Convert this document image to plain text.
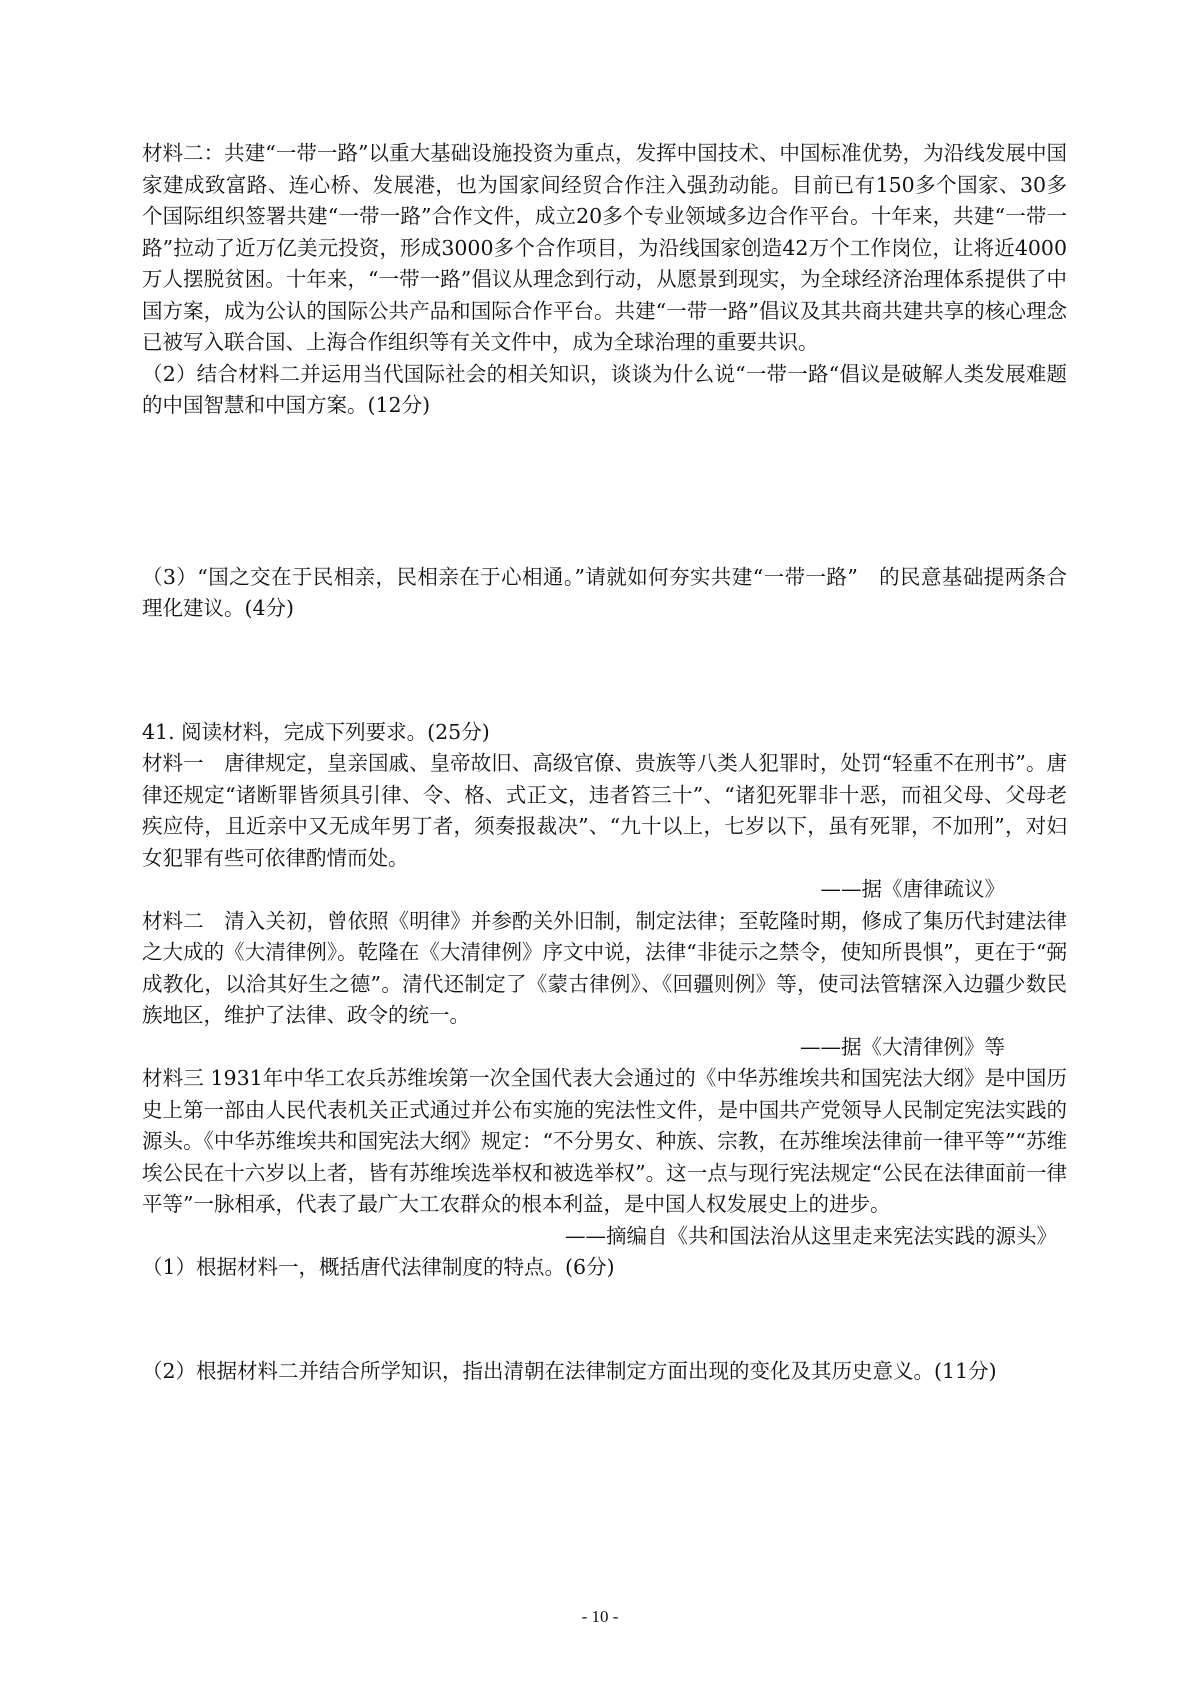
材料二：共建“一带一路”以重大基础设施投资为重点，发挥中国技术、中国标准优势，为沿线发展中国家建成致富路、连心桥、发展港，也为国家间经贸合作注入强劲动能。目前已有150多个国家、30多个国际组织签署共建“一带一路”合作文件，成立20多个专业领域多边合作平台。十年来，共建“一带一路”拉动了近万亿美元投资，形成3000多个合作项目，为沿线国家创造42万个工作岗位，让将近4000万人摆脱贫困。十年来，“一带一路”倡议从理念到行动，从愿景到现实，为全球经济治理体系提供了中国方案，成为公认的国际公共产品和国际合作平台。共建“一带一路”倡议及其共商共建共享的核心理念已被写入联合国、上海合作组织等有关文件中，成为全球治理的重要共识。

（2）结合材料二并运用当代国际社会的相关知识，谈谈为什么说“一带一路“倡议是破解人类发展难题的中国智慧和中国方案。(12分)

（3）“国之交在于民相亲，民相亲在于心相通。”请就如何夯实共建“一带一路”　的民意基础提两条合理化建议。(4分)

41. 阅读材料，完成下列要求。(25分)

材料一　唐律规定，皇亲国戚、皇帝故旧、高级官僚、贵族等八类人犯罪时，处罚“轻重不在刑书”。唐律还规定“诸断罪皆须具引律、令、格、式正文，违者笞三十”、“诸犯死罪非十恶，而祖父母、父母老疾应侍，且近亲中又无成年男丁者，须奏报裁决”、“九十以上，七岁以下，虽有死罪，不加刑”，对妇女犯罪有些可依律酌情而处。

——据《唐律疏议》

材料二　清入关初，曾依照《明律》并参酌关外旧制，制定法律；至乾隆时期，修成了集历代封建法律之大成的《大清律例》。乾隆在《大清律例》序文中说，法律“非徒示之禁令，使知所畏惧”，更在于“弼成教化，以洽其好生之德”。清代还制定了《蒙古律例》、《回疆则例》等，使司法管辖深入边疆少数民族地区，维护了法律、政令的统一。

——据《大清律例》等

材料三 1931年中华工农兵苏维埃第一次全国代表大会通过的《中华苏维埃共和国宪法大纲》是中国历史上第一部由人民代表机关正式通过并公布实施的宪法性文件，是中国共产党领导人民制定宪法实践的源头。《中华苏维埃共和国宪法大纲》规定：“不分男女、种族、宗教，在苏维埃法律前一律平等”“苏维埃公民在十六岁以上者，皆有苏维埃选举权和被选举权”。这一点与现行宪法规定“公民在法律面前一律平等”一脉相承，代表了最广大工农群众的根本利益，是中国人权发展史上的进步。

——摘编自《共和国法治从这里走来宪法实践的源头》

（1）根据材料一，概括唐代法律制度的特点。(6分)

（2）根据材料二并结合所学知识，指出清朝在法律制定方面出现的变化及其历史意义。(11分)

- 10 -
